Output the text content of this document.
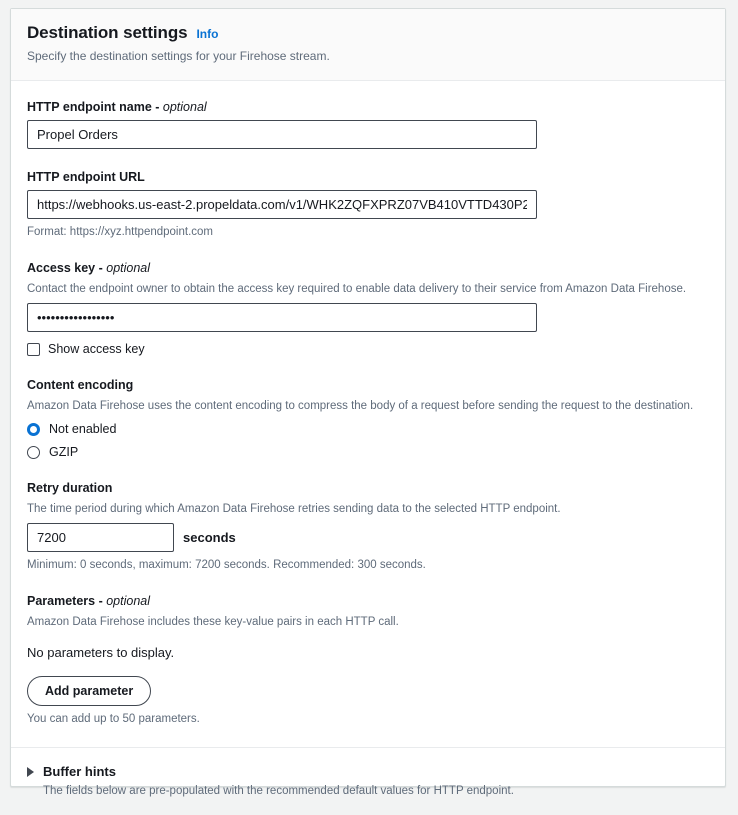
Destination settings Info
Specify the destination settings for your Firehose stream.
HTTP endpoint name - optional
Propel Orders
HTTP endpoint URL
https://webhooks.us-east-2.propeldata.com/v1/WHK2ZQFXPRZ07VB410VTTD430P25
Format: https://xyz.httpendpoint.com
Access key - optional
Contact the endpoint owner to obtain the access key required to enable data delivery to their service from Amazon Data Firehose.
•••••••••••••••••
Show access key
Content encoding
Amazon Data Firehose uses the content encoding to compress the body of a request before sending the request to the destination.
Not enabled
GZIP
Retry duration
The time period during which Amazon Data Firehose retries sending data to the selected HTTP endpoint.
7200
seconds
Minimum: 0 seconds, maximum: 7200 seconds. Recommended: 300 seconds.
Parameters - optional
Amazon Data Firehose includes these key-value pairs in each HTTP call.
No parameters to display.
Add parameter
You can add up to 50 parameters.
Buffer hints
The fields below are pre-populated with the recommended default values for HTTP endpoint.
